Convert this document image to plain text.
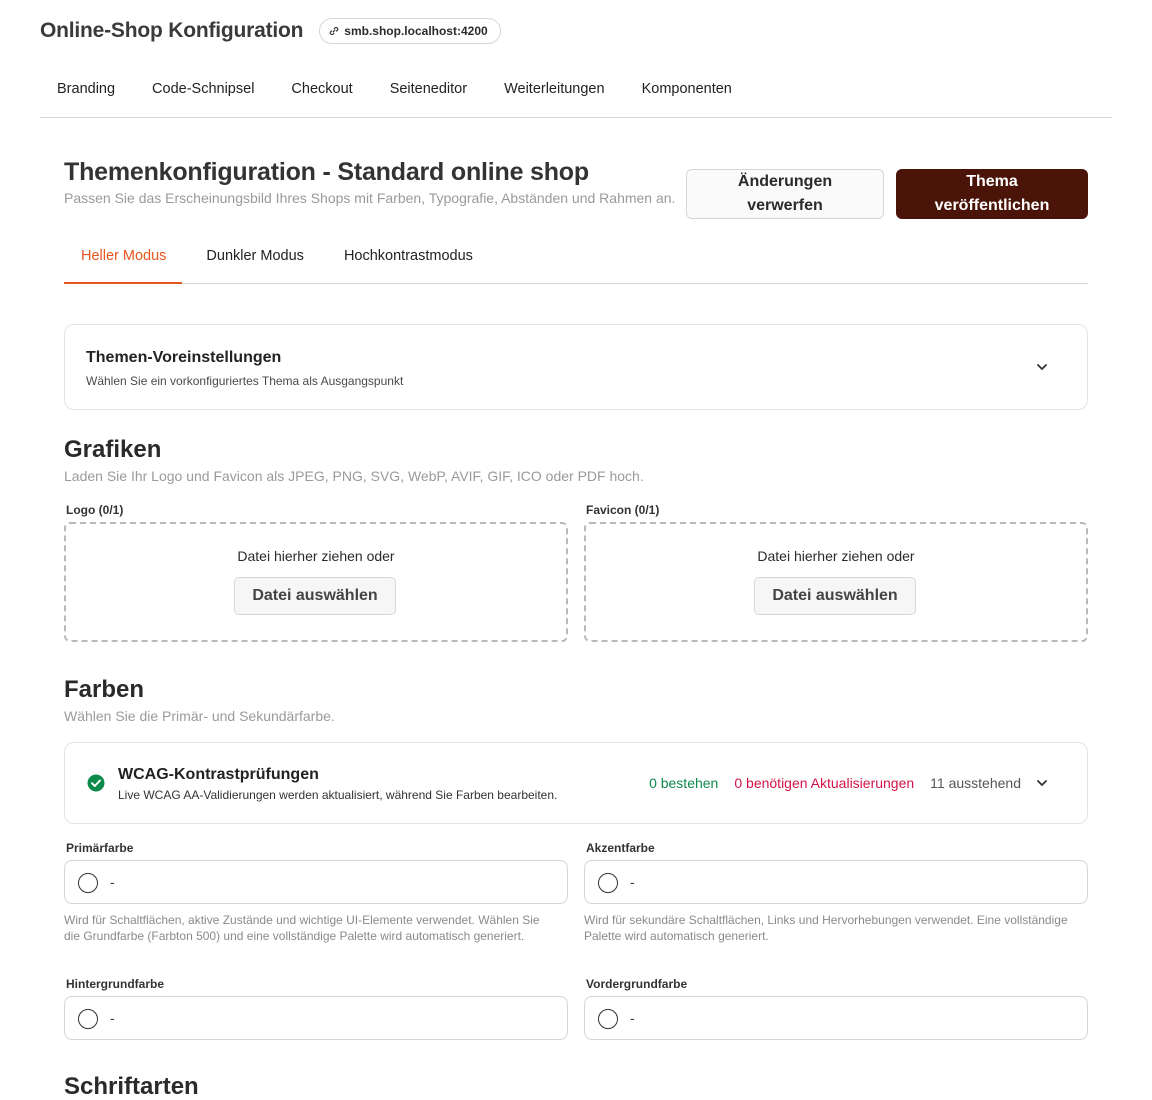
Online-Shop Konfiguration	smb.shop.localhost:4200
Branding	Code-Schnipsel	Checkout	Seiteneditor	Weiterleitungen	Komponenten
Themenkonfiguration - Standard online shop
Passen Sie das Erscheinungsbild Ihres Shops mit Farben, Typografie, Abständen und Rahmen an.
Änderungen
verwerfen
Thema
veröffentlichen
Heller Modus	Dunkler Modus	Hochkontrastmodus
Themen-Voreinstellungen
Wählen Sie ein vorkonfiguriertes Thema als Ausgangspunkt
Grafiken
Laden Sie Ihr Logo und Favicon als JPEG, PNG, SVG, WebP, AVIF, GIF, ICO oder PDF hoch.
Logo (0/1)
Datei hierher ziehen oder
Datei auswählen
Favicon (0/1)
Datei hierher ziehen oder
Datei auswählen
Farben
Wählen Sie die Primär- und Sekundärfarbe.
WCAG-Kontrastprüfungen
Live WCAG AA-Validierungen werden aktualisiert, während Sie Farben bearbeiten.
0 bestehen 0 benötigen Aktualisierungen 11 ausstehend
Primärfarbe
-
Wird für Schaltflächen, aktive Zustände und wichtige UI-Elemente verwendet. Wählen Sie die Grundfarbe (Farbton 500) und eine vollständige Palette wird automatisch generiert.
Akzentfarbe
-
Wird für sekundäre Schaltflächen, Links und Hervorhebungen verwendet. Eine vollständige Palette wird automatisch generiert.
Hintergrundfarbe
-
Vordergrundfarbe
-
Schriftarten
